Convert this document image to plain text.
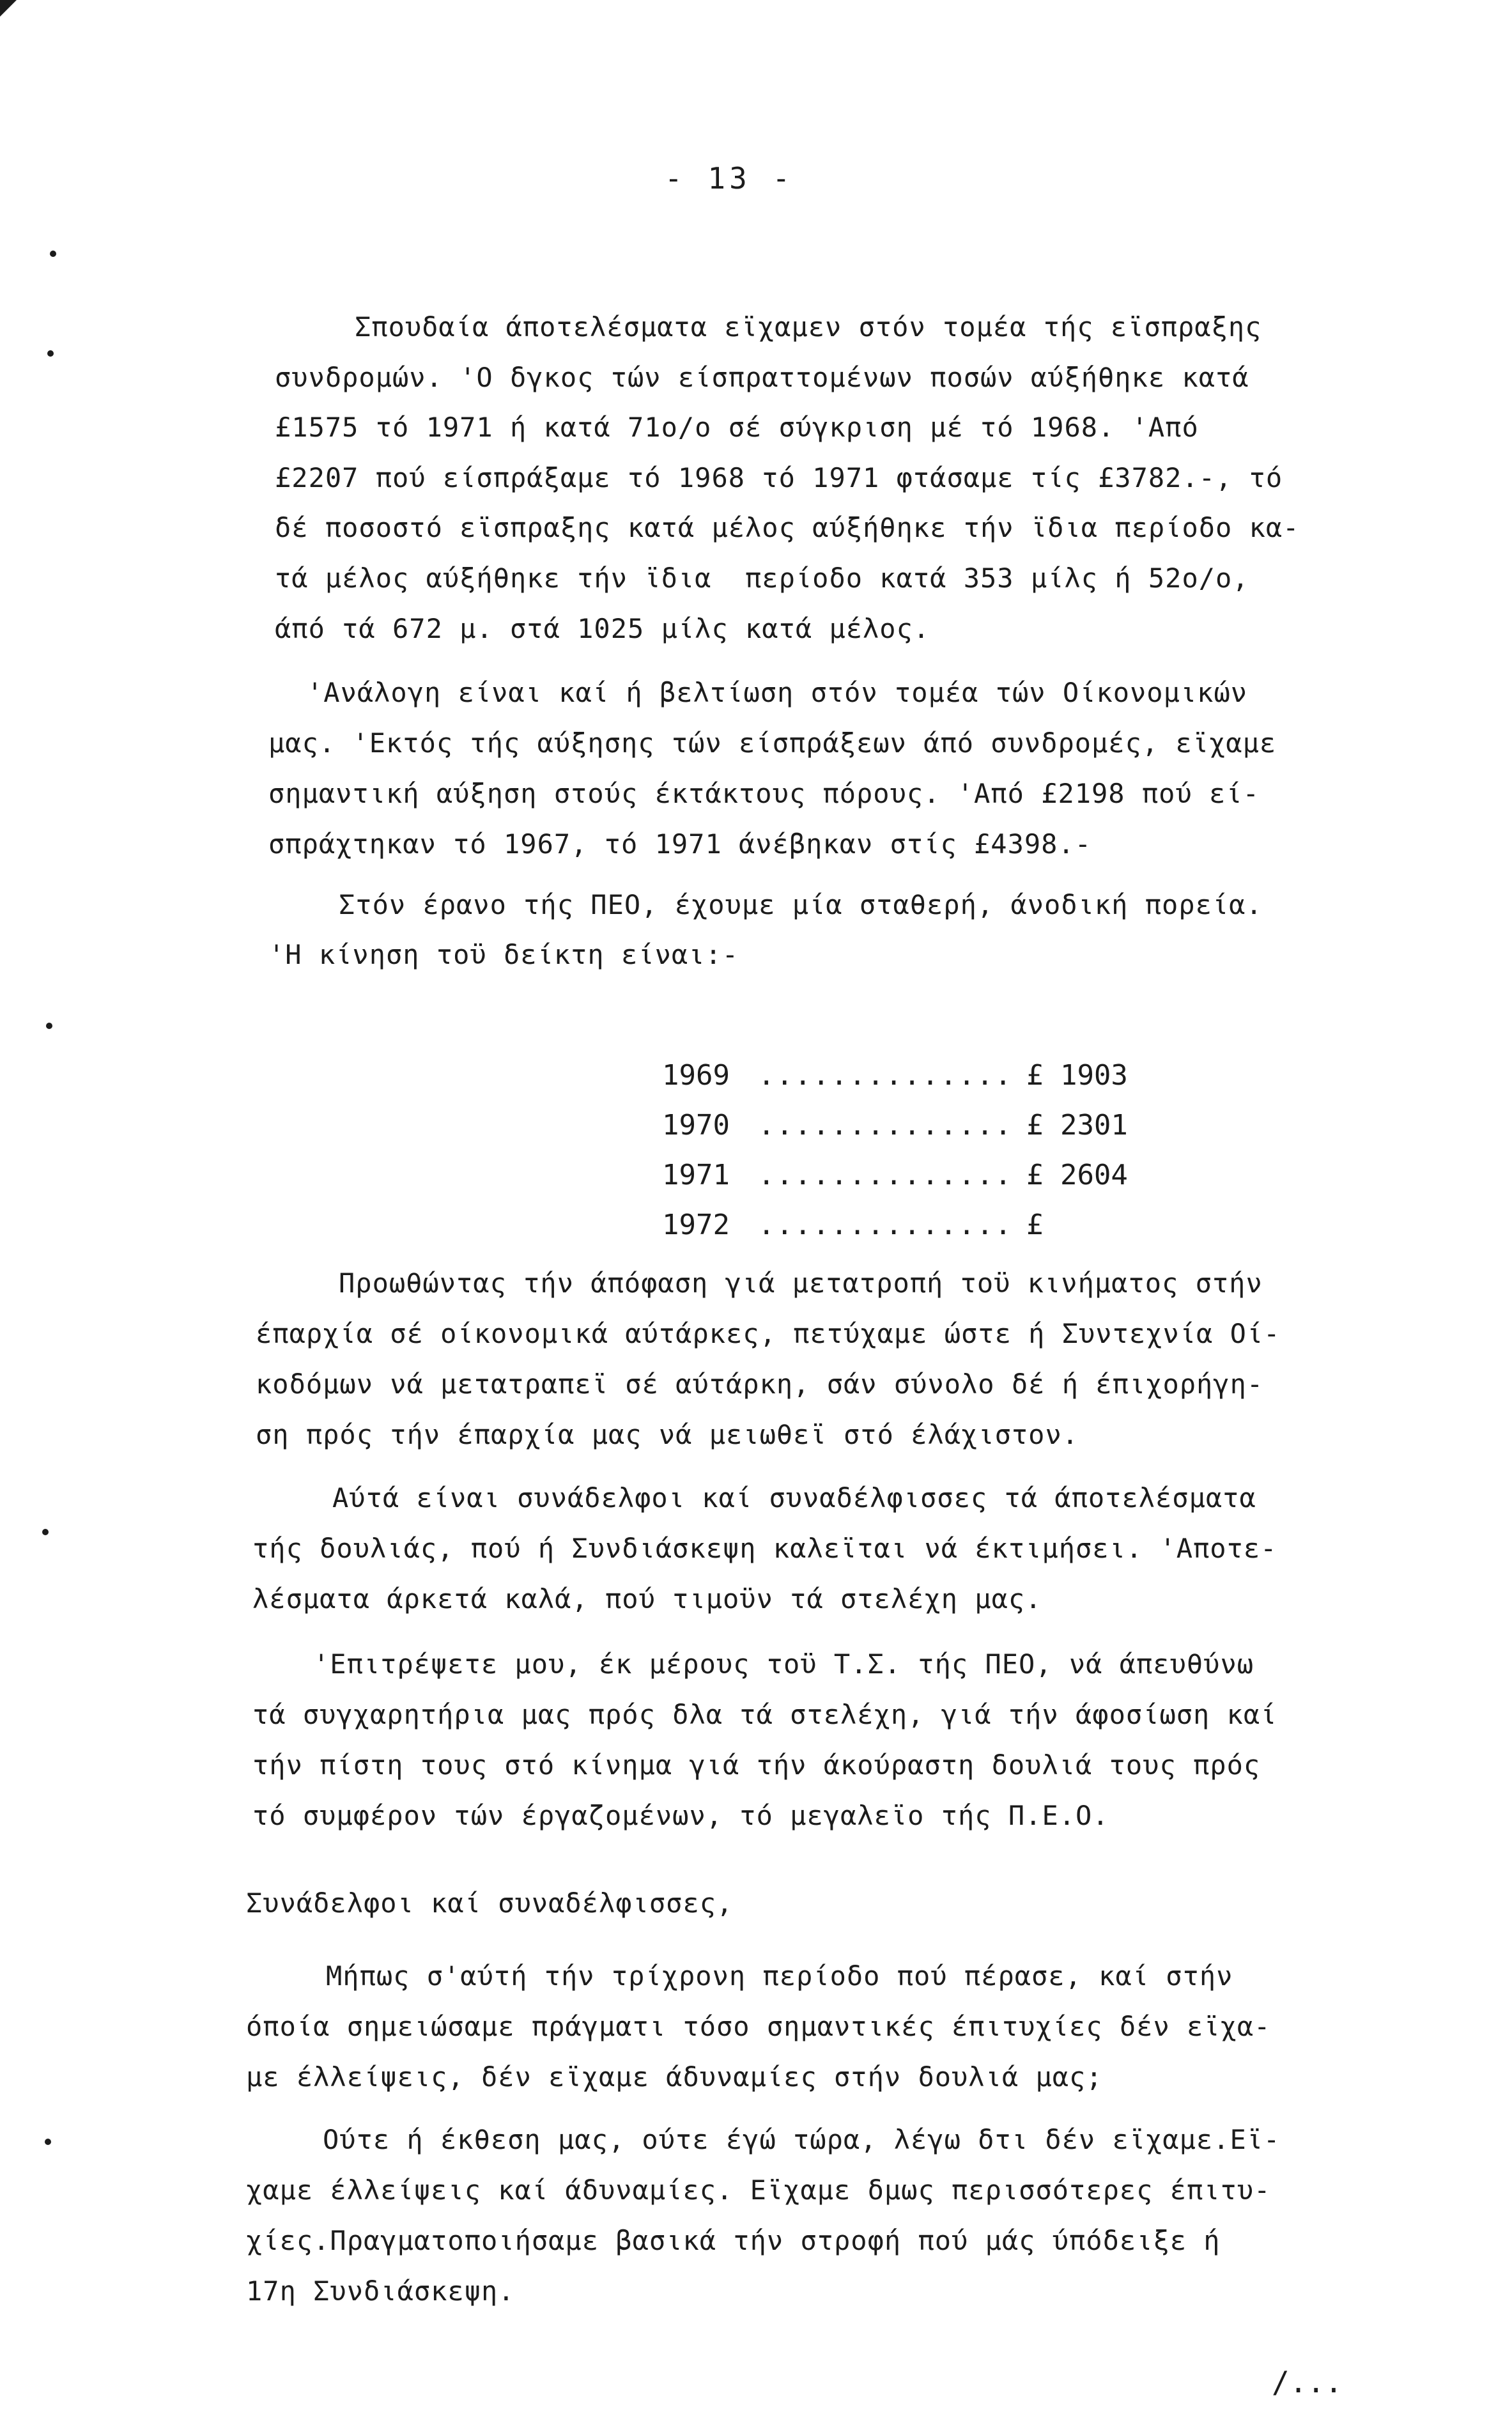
- 13 -
Σπουδαία άποτελέσματα εϊχαμεν στόν τομέα τής εϊσπραξης
συνδρομών. 'Ο δγκος τών είσπραττομένων ποσών αύξήθηκε κατά
£1575 τό 1971 ή κατά 71ο/ο σέ σύγκριση μέ τό 1968. 'Από
£2207 πού είσπράξαμε τό 1968 τό 1971 φτάσαμε τίς £3782.-, τό
δέ ποσοστό εϊσπραξης κατά μέλος αύξήθηκε τήν ϊδια περίοδο κα-
τά μέλος αύξήθηκε τήν ϊδια  περίοδο κατά 353 μίλς ή 52ο/ο,
άπό τά 672 μ. στά 1025 μίλς κατά μέλος.
'Ανάλογη είναι καί ή βελτίωση στόν τομέα τών Οίκονομικών
μας. 'Εκτός τής αύξησης τών είσπράξεων άπό συνδρομές, εϊχαμε
σημαντική αύξηση στούς έκτάκτους πόρους. 'Από £2198 πού εί-
σπράχτηκαν τό 1967, τό 1971 άνέβηκαν στίς £4398.-
Στόν έρανο τής ΠΕΟ, έχουμε μία σταθερή, άνοδική πορεία.
'Η κίνηση τοϋ δείκτη είναι:-

1969 .............. £ 1903

1970 .............. £ 2301

1971 .............. £ 2604

1972 .............. £

Προωθώντας τήν άπόφαση γιά μετατροπή τοϋ κινήματος στήν
έπαρχία σέ οίκονομικά αύτάρκες, πετύχαμε ώστε ή Συντεχνία Οί-
κοδόμων νά μετατραπεϊ σέ αύτάρκη, σάν σύνολο δέ ή έπιχορήγη-
ση πρός τήν έπαρχία μας νά μειωθεϊ στό έλάχιστον.
Αύτά είναι συνάδελφοι καί συναδέλφισσες τά άποτελέσματα
τής δουλιάς, πού ή Συνδιάσκεψη καλεϊται νά έκτιμήσει. 'Αποτε-
λέσματα άρκετά καλά, πού τιμοϋν τά στελέχη μας.
'Επιτρέψετε μου, έκ μέρους τοϋ Τ.Σ. τής ΠΕΟ, νά άπευθύνω
τά συγχαρητήρια μας πρός δλα τά στελέχη, γιά τήν άφοσίωση καί
τήν πίστη τους στό κίνημα γιά τήν άκούραστη δουλιά τους πρός
τό συμφέρον τών έργαζομένων, τό μεγαλεϊο τής Π.Ε.Ο.
Συνάδελφοι καί συναδέλφισσες,
Μήπως σ'αύτή τήν τρίχρονη περίοδο πού πέρασε, καί στήν
όποία σημειώσαμε πράγματι τόσο σημαντικές έπιτυχίες δέν εϊχα-
με έλλείψεις, δέν εϊχαμε άδυναμίες στήν δουλιά μας;
Ούτε ή έκθεση μας, ούτε έγώ τώρα, λέγω δτι δέν εϊχαμε.Εϊ-
χαμε έλλείψεις καί άδυναμίες. Εϊχαμε δμως περισσότερες έπιτυ-
χίες.Πραγματοποιήσαμε βασικά τήν στροφή πού μάς ύπόδειξε ή
17η Συνδιάσκεψη.
/...
